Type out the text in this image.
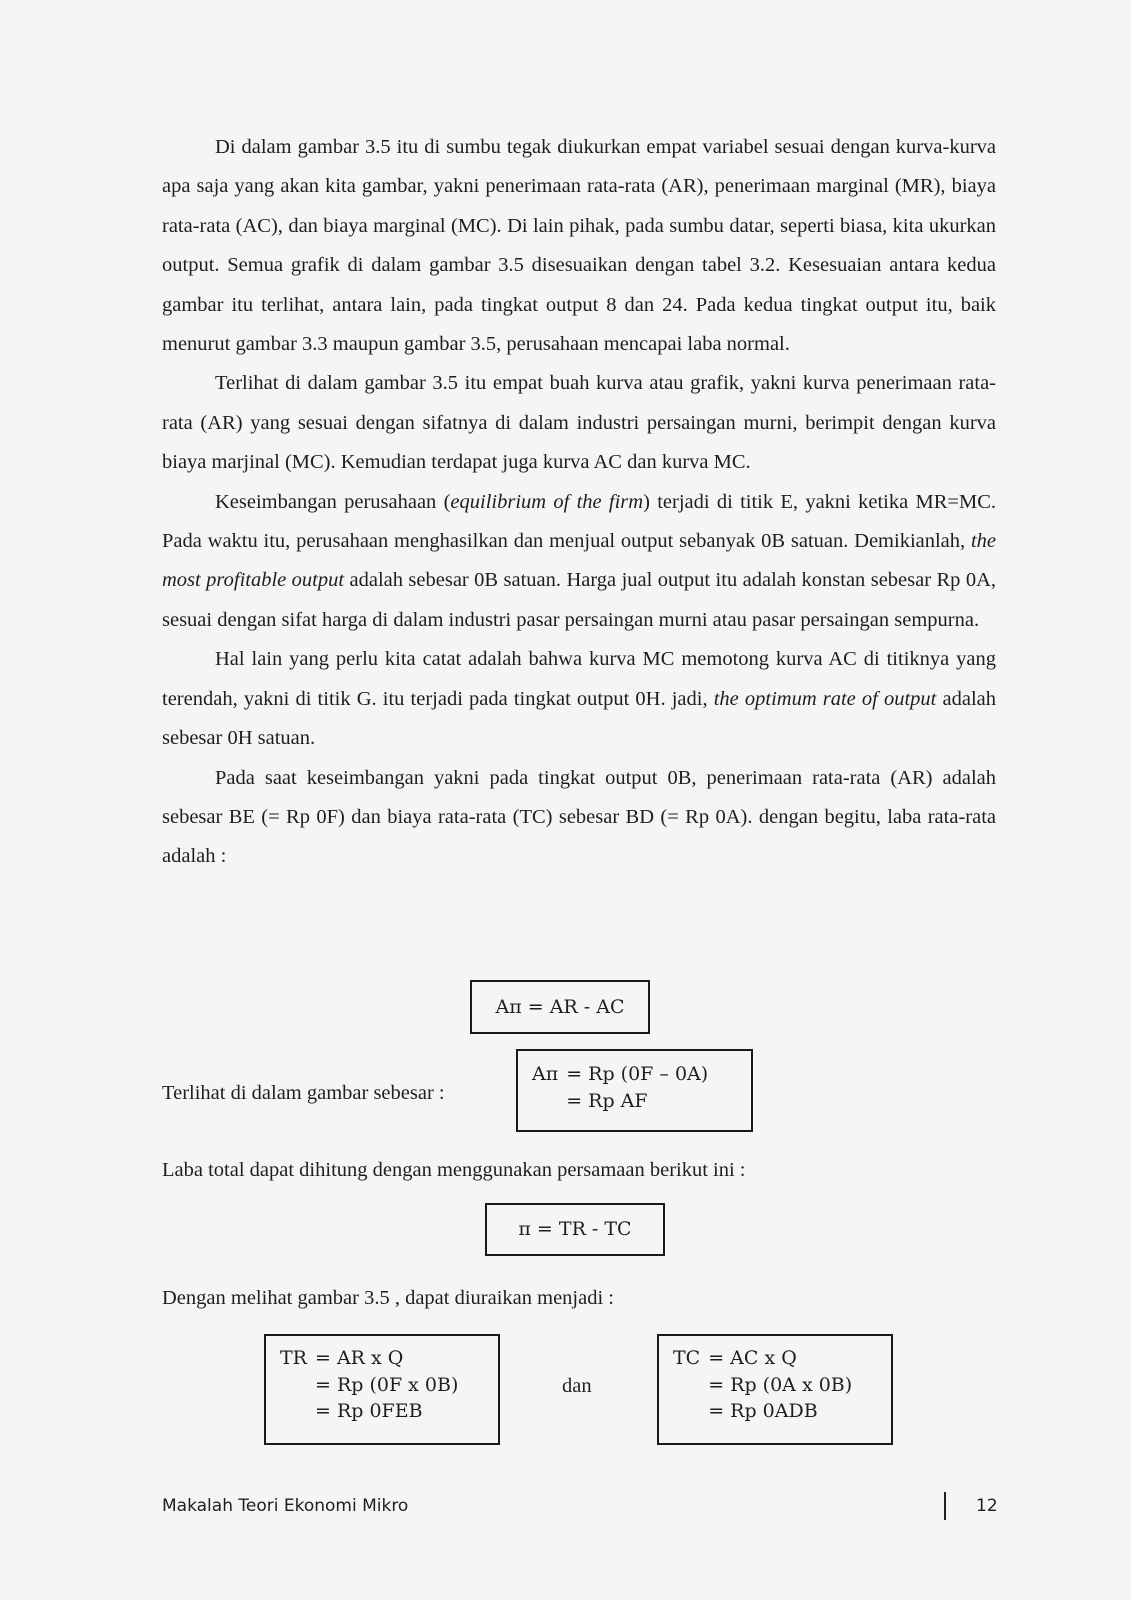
Di dalam gambar 3.5 itu di sumbu tegak diukurkan empat variabel sesuai dengan kurva-kurva apa saja yang akan kita gambar, yakni penerimaan rata-rata (AR), penerimaan marginal (MR), biaya rata-rata (AC), dan biaya marginal (MC). Di lain pihak, pada sumbu datar, seperti biasa, kita ukurkan output. Semua grafik di dalam gambar 3.5 disesuaikan dengan tabel 3.2. Kesesuaian antara kedua gambar itu terlihat, antara lain, pada tingkat output 8 dan 24. Pada kedua tingkat output itu, baik menurut gambar 3.3 maupun gambar 3.5, perusahaan mencapai laba normal.

Terlihat di dalam gambar 3.5 itu empat buah kurva atau grafik, yakni kurva penerimaan rata-rata (AR) yang sesuai dengan sifatnya di dalam industri persaingan murni, berimpit dengan kurva biaya marjinal (MC). Kemudian terdapat juga kurva AC dan kurva MC.

Keseimbangan perusahaan (equilibrium of the firm) terjadi di titik E, yakni ketika MR=MC. Pada waktu itu, perusahaan menghasilkan dan menjual output sebanyak 0B satuan. Demikianlah, the most profitable output adalah sebesar 0B satuan. Harga jual output itu adalah konstan sebesar Rp 0A, sesuai dengan sifat harga di dalam industri pasar persaingan murni atau pasar persaingan sempurna.

Hal lain yang perlu kita catat adalah bahwa kurva MC memotong kurva AC di titiknya yang terendah, yakni di titik G. itu terjadi pada tingkat output 0H. jadi, the optimum rate of output adalah sebesar 0H satuan.

Pada saat keseimbangan yakni pada tingkat output 0B, penerimaan rata-rata (AR) adalah sebesar BE (= Rp 0F) dan biaya rata-rata (TC) sebesar BD (= Rp 0A). dengan begitu, laba rata-rata adalah :

Aπ = AR - AC
Terlihat di dalam gambar sebesar :
Aπ	= Rp (0F – 0A)
	= Rp AF
Laba total dapat dihitung dengan menggunakan persamaan berikut ini :
π = TR - TC
Dengan melihat gambar 3.5 , dapat diuraikan menjadi :
TR	= AR x Q
	= Rp (0F x 0B)
	= Rp 0FEB
dan
TC	= AC x Q
	= Rp (0A x 0B)
	= Rp 0ADB
Makalah Teori Ekonomi Mikro	12
